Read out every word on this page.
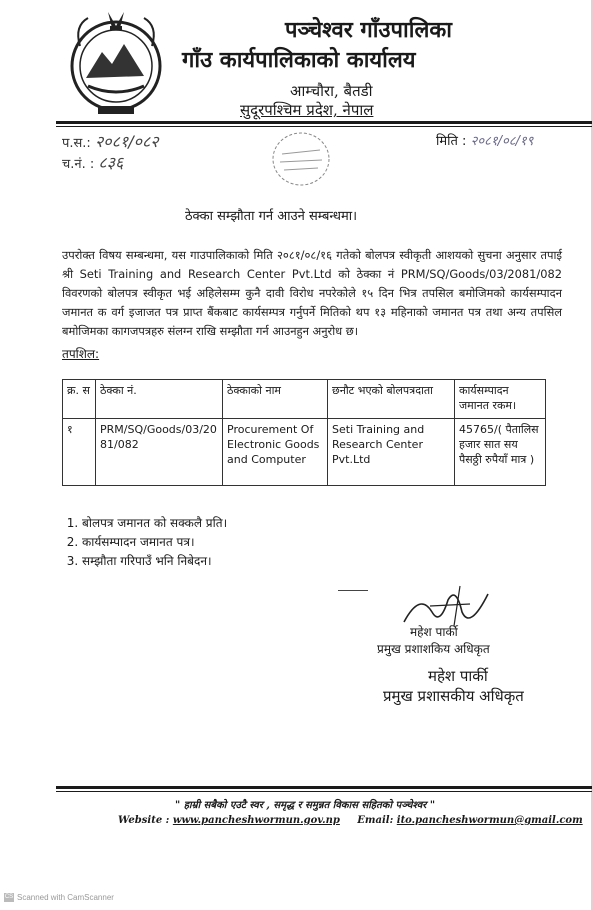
पञ्चेश्वर गाँउपालिका
गाँउ कार्यपालिकाको कार्यालय
आम्चौरा, बैतडी
सुदूरपश्चिम प्रदेश, नेपाल
प.स.: २०८१/०८२
च.नं. : ८३६
मिति : २०८१/०८/१९
ठेक्का सम्झौता गर्न आउने सम्बन्धमा।
उपरोक्त विषय सम्बन्धमा, यस गाउपालिकाको मिति २०८१/०८/१६ गतेको बोलपत्र स्वीकृती आशयको सुचना अनुसार तपाई श्री Seti Training and Research Center Pvt.Ltd को ठेक्का नं PRM/SQ/Goods/03/2081/082 विवरणको बोलपत्र स्वीकृत भई अहिलेसम्म कुनै दावी विरोध नपरेकोले १५ दिन भित्र तपसिल बमोजिमको कार्यसम्पादन जमानत क वर्ग इजाजत पत्र प्राप्त बैंकबाट कार्यसम्पत्र गर्नुपर्ने मितिको थप १३ महिनाको जमानत पत्र तथा अन्य तपसिल बमोजिमका कागजपत्रहरु संलग्न राखि सम्झौता गर्न आउनहुन अनुरोध छ।
तपशिल:
क्र. स	ठेक्का नं.	ठेक्काको नाम	छनौट भएको बोलपत्रदाता	कार्यसम्पादन जमानत रकम।
१	PRM/SQ/Goods/03/2081/082	Procurement Of Electronic Goods and Computer	Seti Training and Research Center Pvt.Ltd	45765/( पैतालिस हजार सात सय पैसठ्ठी रुपैयाँ मात्र )
1. बोलपत्र जमानत को सक्कलै प्रति।
2. कार्यसम्पादन जमानत पत्र।
3. सम्झौता गरिपाउँ भनि निबेदन।
महेश पार्की
प्रमुख प्रशाशकिय अधिकृत
महेश पार्की
प्रमुख प्रशासकीय अधिकृत
" हाम्री सबैको एउटै स्वर , समृद्ध र समुन्नत विकास सहितको पञ्चेश्वर "
Website : www.pancheshwormun.gov.np Email: ito.pancheshwormun@gmail.com
CS Scanned with CamScanner
